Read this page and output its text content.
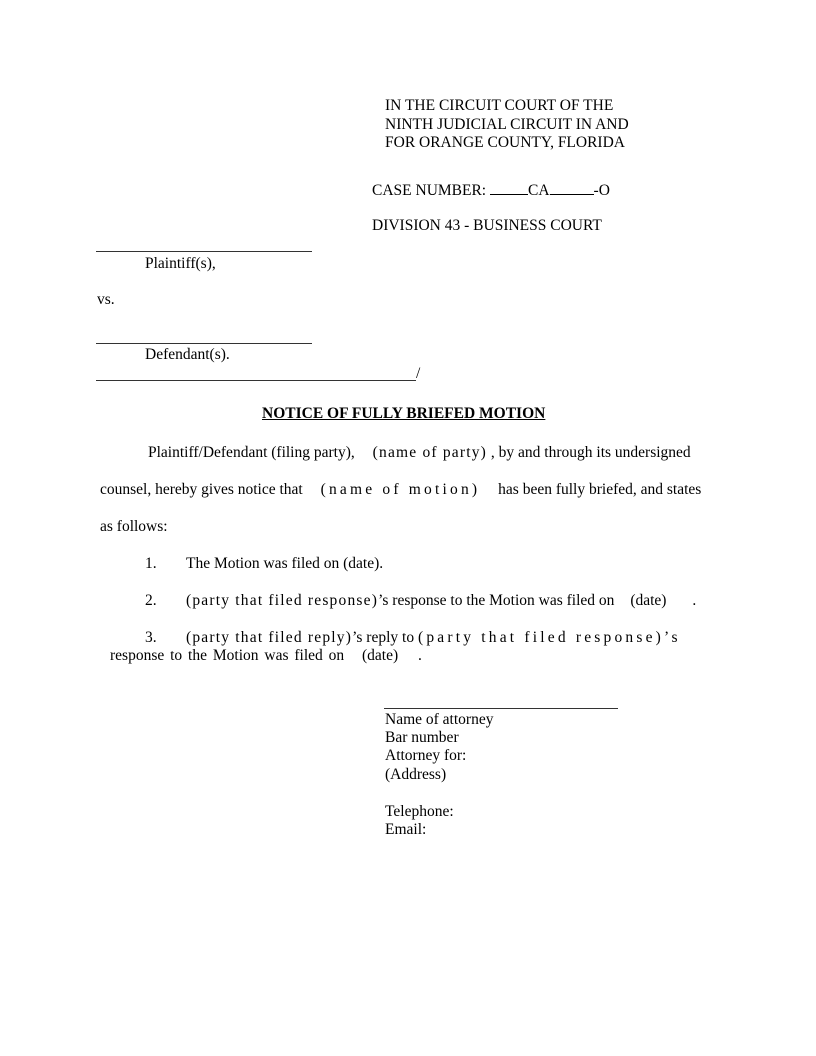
IN THE CIRCUIT COURT OF THE
NINTH JUDICIAL CIRCUIT IN AND
FOR ORANGE COUNTY, FLORIDA
CASE NUMBER:	CA	-O
DIVISION 43 - BUSINESS COURT
Plaintiff(s),
vs.
Defendant(s).
/
NOTICE OF FULLY BRIEFED MOTION
Plaintiff/Defendant (filing party), (name of party) , by and through its undersigned
counsel, hereby gives notice that (name of motion) has been fully briefed, and states
as follows:
1. The Motion was filed on (date).
2. (party that filed response)’s response to the Motion was filed on (date) .
3. (party that filed reply)’s reply to (party that filed response)’s
response to the Motion was filed on (date) .
Name of attorney
Bar number
Attorney for:
(Address)
Telephone:
Email:
